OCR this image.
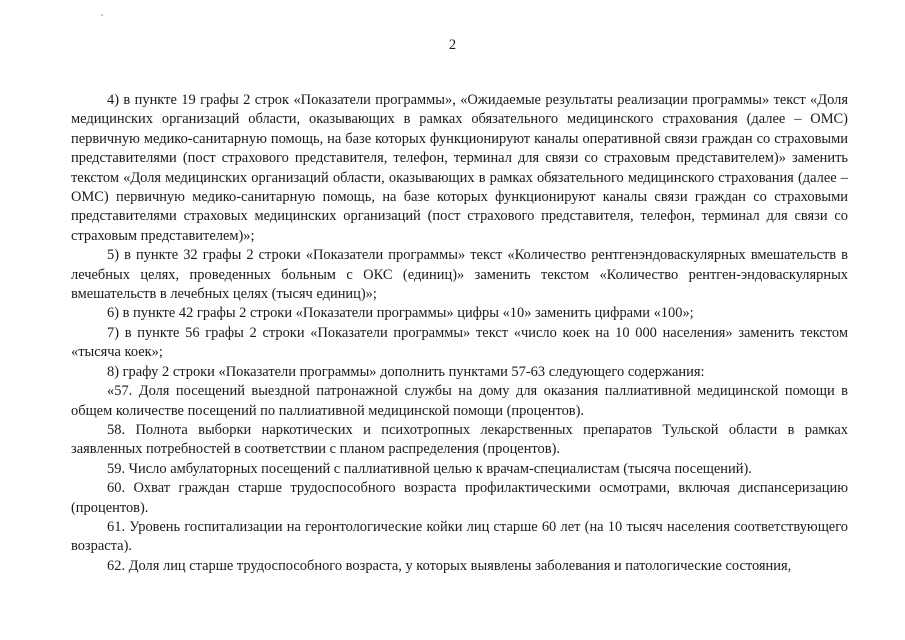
2

4) в пункте 19 графы 2 строк «Показатели программы», «Ожидаемые результаты реализации программы» текст «Доля медицинских организаций области, оказывающих в рамках обязательного медицинского страхования (далее – ОМС) первичную медико-санитарную помощь, на базе которых функционируют каналы оперативной связи граждан со страховыми представителями (пост страхового представителя, телефон, терминал для связи со страховым представителем)» заменить текстом «Доля медицинских организаций области, оказывающих в рамках обязательного медицинского страхования (далее – ОМС) первичную медико-санитарную помощь, на базе которых функционируют каналы связи граждан со страховыми представителями страховых медицинских организаций (пост страхового представителя, телефон, терминал для связи со страховым представителем)»;

5) в пункте 32 графы 2 строки «Показатели программы» текст «Количество рентгенэндоваскулярных вмешательств в лечебных целях, проведенных больным с ОКС (единиц)» заменить текстом «Количество рентген-эндоваскулярных вмешательств в лечебных целях (тысяч единиц)»;

6) в пункте 42 графы 2 строки «Показатели программы» цифры «10» заменить цифрами «100»;

7) в пункте 56 графы 2 строки «Показатели программы» текст «число коек на 10 000 населения» заменить текстом «тысяча коек»;

8) графу 2 строки «Показатели программы» дополнить пунктами 57-63 следующего содержания:

«57. Доля посещений выездной патронажной службы на дому для оказания паллиативной медицинской помощи в общем количестве посещений по паллиативной медицинской помощи (процентов).

58. Полнота выборки наркотических и психотропных лекарственных препаратов Тульской области в рамках заявленных потребностей в соответствии с планом распределения (процентов).

59. Число амбулаторных посещений с паллиативной целью к врачам-специалистам (тысяча посещений).

60. Охват граждан старше трудоспособного возраста профилактическими осмотрами, включая диспансеризацию (процентов).

61. Уровень госпитализации на геронтологические койки лиц старше 60 лет (на 10 тысяч населения соответствующего возраста).

62. Доля лиц старше трудоспособного возраста, у которых выявлены заболевания и патологические состояния,
